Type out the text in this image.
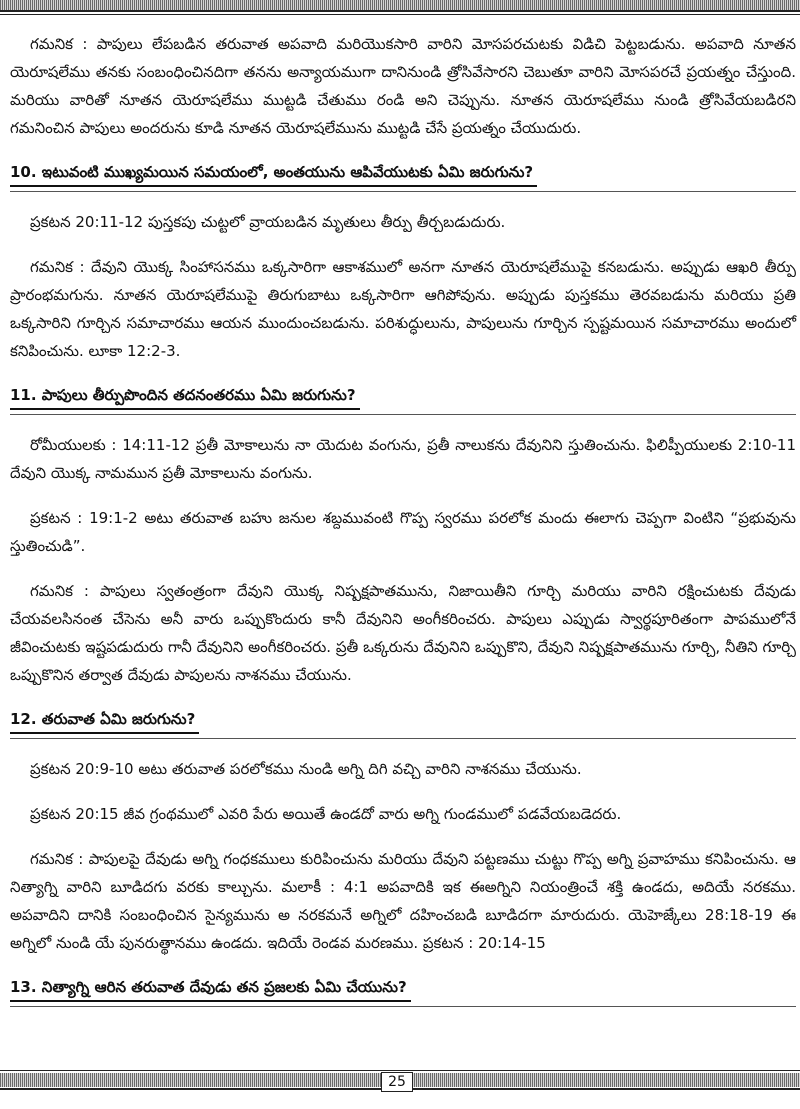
గమనిక : పాపులు లేపబడిన తరువాత అపవాది మరియొకసారి వారిని మోసపరచుటకు విడిచి పెట్టబడును. అపవాది నూతన యెరూషలేము తనకు సంబంధించినదిగా తనను అన్యాయముగా దానినుండి త్రోసివేసారని చెబుతూ వారిని మోసపరచే ప్రయత్నం చేస్తుంది. మరియు వారితో నూతన యెరూషలేము ముట్టడి చేతుము రండి అని చెప్పును. నూతన యెరూషలేము నుండి త్రోసివేయబడిరని గమనించిన పాపులు అందరును కూడి నూతన యెరూషలేమును ముట్టడి చేసే ప్రయత్నం చేయుదురు.

10. ఇటువంటి ముఖ్యమయిన సమయంలో, అంతయును ఆపివేయుటకు ఏమి జరుగును?

ప్రకటన 20:11-12 పుస్తకపు చుట్టలో వ్రాయబడిన మృతులు తీర్పు తీర్చబడుదురు.

గమనిక : దేవుని యొక్క సింహాసనము ఒక్కసారిగా ఆకాశములో అనగా నూతన యెరూషలేముపై కనబడును. అప్పుడు ఆఖరి తీర్పు ప్రారంభమగును. నూతన యెరూషలేముపై తిరుగుబాటు ఒక్కసారిగా ఆగిపోవును. అప్పుడు పుస్తకము తెరవబడును మరియు ప్రతి ఒక్కసారిని గూర్చిన సమాచారము ఆయన ముందుంచబడును. పరిశుద్ధులును, పాపులును గూర్చిన స్పష్టమయిన సమాచారము అందులో కనిపించును. లూకా 12:2-3.

11. పాపులు తీర్పుపొందిన తదనంతరము ఏమి జరుగును?

రోమీయులకు : 14:11-12 ప్రతీ మోకాలును నా యెదుట వంగును, ప్రతీ నాలుకను దేవునిని స్తుతించును. ఫిలిప్పీయులకు 2:10-11 దేవుని యొక్క నామమున ప్రతీ మోకాలును వంగును.

ప్రకటన : 19:1-2 అటు తరువాత బహు జనుల శబ్దమువంటి గొప్ప స్వరము పరలోక మందు ఈలాగు చెప్పగా వింటిని “ప్రభువును స్తుతించుడి”.

గమనిక : పాపులు స్వతంత్రంగా దేవుని యొక్క నిష్పక్షపాతమును, నిజాయితీని గూర్చి మరియు వారిని రక్షించుటకు దేవుడు చేయవలసినంత చేసెను అనీ వారు ఒప్పుకొందురు కానీ దేవునిని అంగీకరించరు. పాపులు ఎప్పుడు స్వార్థపూరితంగా పాపములోనే జీవించుటకు ఇష్టపడుదురు గానీ దేవునిని అంగీకరించరు. ప్రతీ ఒక్కరును దేవునిని ఒప్పుకొని, దేవుని నిష్పక్షపాతమును గూర్చి, నీతిని గూర్చి ఒప్పుకొనిన తర్వాత దేవుడు పాపులను నాశనము చేయును.

12. తరువాత ఏమి జరుగును?

ప్రకటన 20:9-10 అటు తరువాత పరలోకము నుండి అగ్ని దిగి వచ్చి వారిని నాశనము చేయును.

ప్రకటన 20:15 జీవ గ్రంథములో ఎవరి పేరు అయితే ఉండదో వారు అగ్ని గుండములో పడవేయబడెదరు.

గమనిక : పాపులపై దేవుడు అగ్ని గంధకములు కురిపించును మరియు దేవుని పట్టణము చుట్టు గొప్ప అగ్ని ప్రవాహము కనిపించును. ఆ నిత్యాగ్ని వారిని బూడిదగు వరకు కాల్చును. మలాకీ : 4:1 అపవాదికి ఇక ఈఅగ్నిని నియంత్రించే శక్తి ఉండదు, అదియే నరకము. అపవాదిని దానికి సంబంధించిన సైన్యమును అ నరకమనే అగ్నిలో దహించబడి బూడిదగా మారుదురు. యెహెజ్కేలు 28:18-19 ఈ అగ్నిలో నుండి యే పునరుత్థానము ఉండదు. ఇదియే రెండవ మరణము. ప్రకటన : 20:14-15

13. నిత్యాగ్ని ఆరిన తరువాత దేవుడు తన ప్రజలకు ఏమి చేయును?
25
